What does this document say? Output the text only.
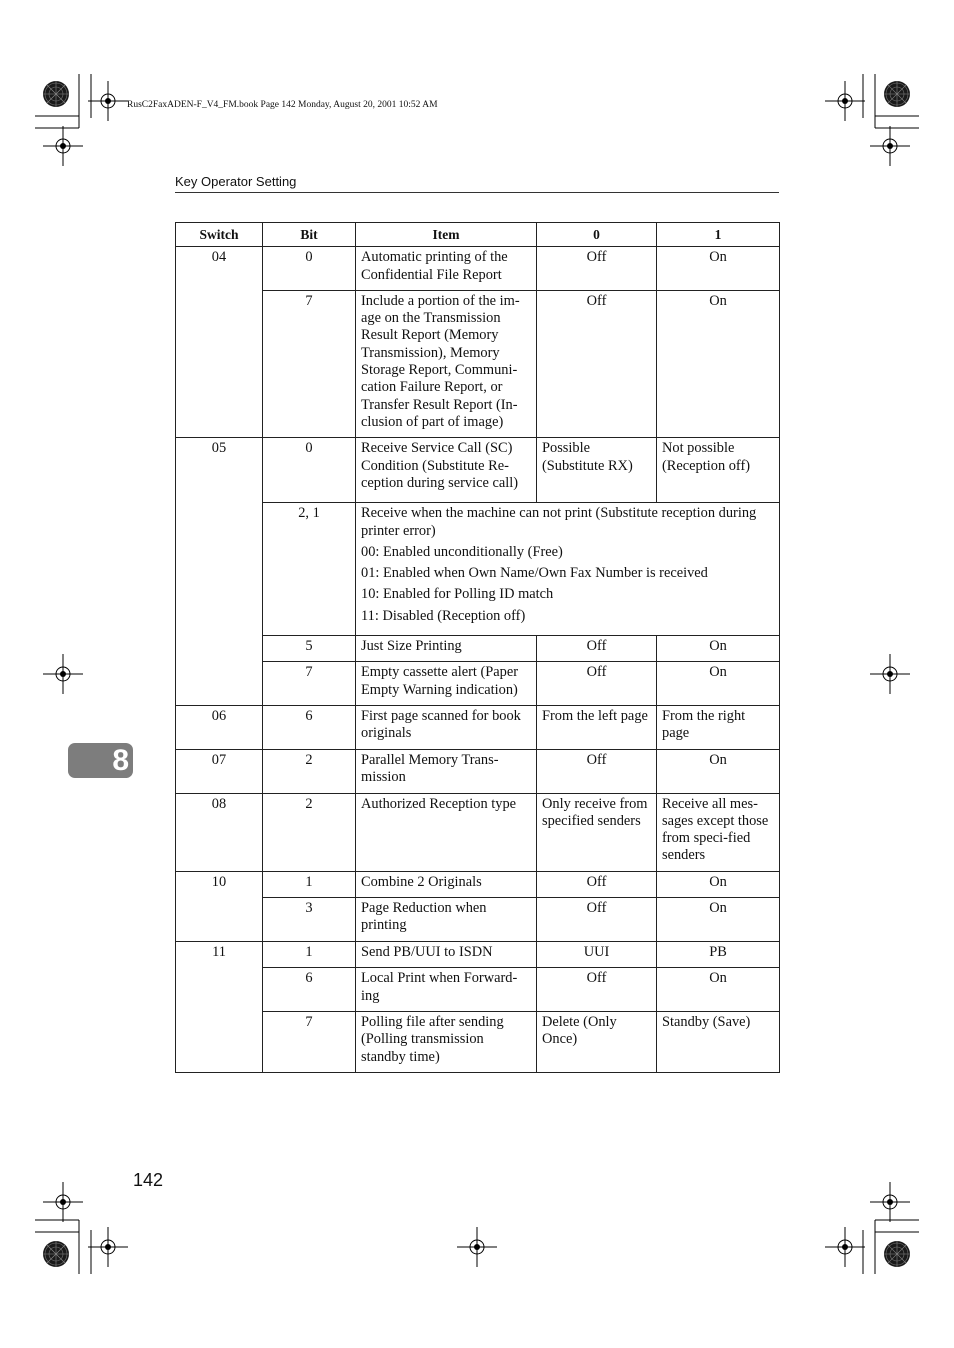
RusC2FaxADEN-F_V4_FM.book Page 142 Monday, August 20, 2001 10:52 AM
Key Operator Setting
8
Switch	Bit	Item	0	1
04	0	Automatic printing of the Confidential File Report	Off	On
	7	Include a portion of the im-age on the Transmission Result Report (Memory Transmission), Memory Storage Report, Communi-cation Failure Report, or Transfer Result Report (In-clusion of part of image)	Off	On
05	0	Receive Service Call (SC) Condition (Substitute Re-ception during service call)	Possible (Substitute RX)	Not possible (Reception off)
	2, 1	Receive when the machine can not print (Substitute reception during printer error)

00: Enabled unconditionally (Free)

01: Enabled when Own Name/Own Fax Number is received

10: Enabled for Polling ID match

11: Disabled (Reception off)		

	5	Just Size Printing	Off	On
	7	Empty cassette alert (Paper Empty Warning indication)	Off	On
06	6	First page scanned for book originals	From the left page	From the right page
07	2	Parallel Memory Trans-mission	Off	On
08	2	Authorized Reception type	Only receive from specified senders	Receive all mes-sages except those from speci-fied senders
10	1	Combine 2 Originals	Off	On
	3	Page Reduction when printing	Off	On
11	1	Send PB/UUI to ISDN	UUI	PB
	6	Local Print when Forward-ing	Off	On
	7	Polling file after sending (Polling transmission standby time)	Delete (Only Once)	Standby (Save)
142
